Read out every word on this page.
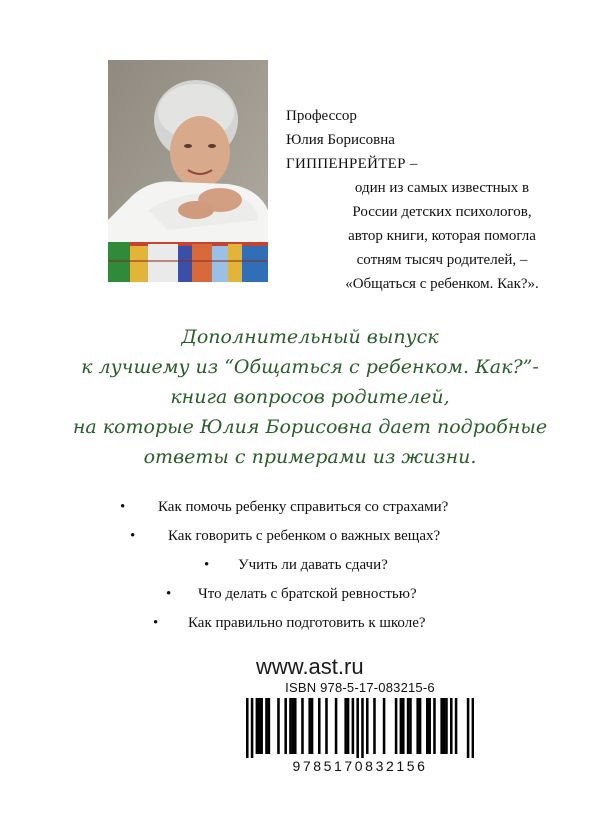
Профессор
Юлия Борисовна
ГИППЕНРЕЙТЕР –
один из самых известных в
России детских психологов,
автор книги, которая помогла
сотням тысяч родителей, –
«Общаться с ребенком. Как?».
Дополнительный выпуск
к лучшему из “Общаться с ребенком. Как?”-
книга вопросов родителей,
на которые Юлия Борисовна дает подробные
ответы с примерами из жизни.
• Как помочь ребенку справиться со страхами?
• Как говорить с ребенком о важных вещах?
• Учить ли давать сдачи?
• Что делать с братской ревностью?
• Как правильно подготовить к школе?
www.ast.ru
ISBN 978-5-17-083215-6
9785170832156
